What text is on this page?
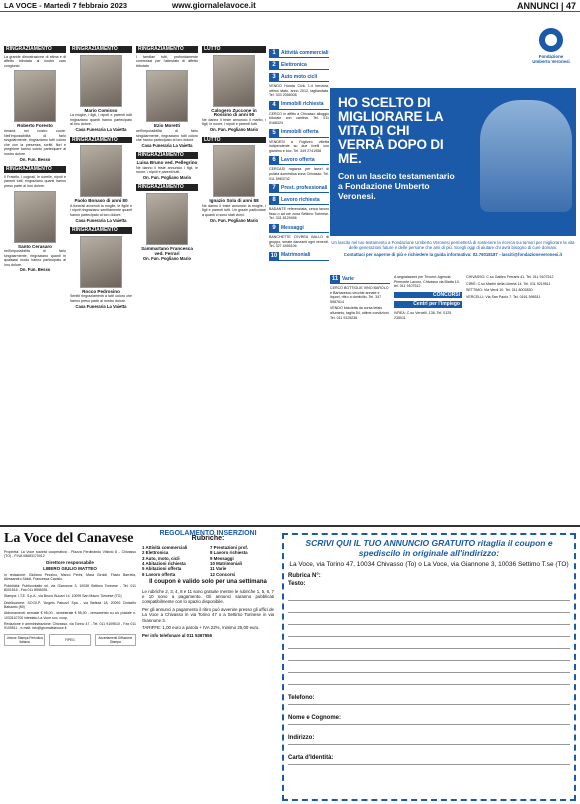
LA VOCE - Martedì 7 febbraio 2023	www.giornalelavoce.it	ANNUNCI | 47
RINGRAZIAMENTO

La grande dimostrazione di stima e di affetto tributata al nostro caro congiunto

Roberto Foresto

rimarrà nel nostro cuore. Nell'impossibilità di farlo singolarmente, ringraziamo tutti coloro che con la presenza, scritti, fiori e preghiere hanno voluto partecipare al nostro dolore.

On. Fun. Besso
RINGRAZIAMENTO

Il Fratello, i cognati, le sorelle, nipoti e parenti tutti, ringraziano quanti hanno preso parte al loro dolore.

Santo Cerasaro

nell'impossibilità di farlo singolarmente, ringraziano quanti in qualsiasi modo hanno partecipato al loro dolore.

On. Fun. Besso
RINGRAZIAMENTO
Mario Comisso

La moglie, i figli, i nipoti e parenti tutti ringraziano quanti hanno partecipato al loro dolore.

Casa Funeraria La Vaietta
RINGRAZIAMENTO
Paolo Bonaso di anni 80

A funerali avvenuti la moglie, le figlie e i nipoti ringraziano sentitamente quanti hanno partecipato al loro dolore.

Casa Funeraria La Vaietta
RINGRAZIAMENTO
Rocco Pedrosino

Sentiti ringraziamenti a tutti coloro che hanno preso parte al nostro dolore.

Casa Funeraria La Vaietta
RINGRAZIAMENTO

I familiari tutti, profondamente commossi per l'attestato di affetto tributato

Ezio Moretti

nell'impossibilità di farlo singolarmente, ringraziano tutti coloro che hanno partecipato al loro dolore.

Casa Funeraria La Vaietta
RINGRAZIAMENTO
Luisa Bruno ved. Pellegrino

Ne danno il triste annuncio i figli, le nuore, i nipoti e parenti tutti.

On. Fun. Pogliano Mario
RINGRAZIAMENTO
Sammartano Francesca ved. Ferrari
On. Fun. Pogliano Mario
LUTTO
Calogero Zuccone in Rossino di anni 90

Ne danno il triste annuncio il marito, i figli, le nuore, i nipoti e parenti tutti.

On. Fun. Pogliano Mario
LUTTO
Ignazio Sola di anni 88

Ne danno il triste annuncio la moglie, i figli e parenti tutti. Un grazie particolare a quanti ci sono stati vicini.

On. Fun. Pogliano Mario
1	Attività commerciali
2	Elettronica
3	Auto moto cicli

VENDO Honda Civic 1.4 benzina, ottimo stato, anno 2012, tagliandata. Tel. 333 2056008

4	Immobili richiesta

CERCO in affitto a Chivasso alloggio bilocale con cantina. Tel. 011 9168324

5	Immobili offerta

VENDESI a Foglizzo villetta indipendente su due livelli con giardino e box. Tel. 349 2741958

6	Lavoro offerta

CERCASI ragazza per lavori di pulizia domestica zona Chivasso. Tel. 011 5963742

7	Prest. professionali
8	Lavoro richiesta

BADANTE referenziata, cerca lavoro fisso o ad ore zona Settimo Torinese. Tel. 331 8129456

9	Messaggi

BANCHETTE D'IVREA BALLO di gruppo, serate danzanti ogni venerdì. Tel. 327 4455106

10 Matrimoniali
Fondazione Umberto Veronesi
HO SCELTO DI MIGLIORARE LA VITA DI CHI VERRÀ DOPO DI ME.
Con un lascito testamentario a Fondazione Umberto Veronesi.
Un lascito nel tuo testamento a Fondazione Umberto Veronesi permetterà di sostenere la ricerca sui tumori per migliorare la vita delle generazioni future e delle persone che ami di più. Scegli oggi di aiutare chi avrà bisogno di cure domani.
Contattaci per saperne di più e richiedere la guida informativa: 02.76018187 - lasciti@fondazioneveronesi.it
11 Varie

CERCO BOTTIGLIE VINO BAROLO e Barbaresco vecchie annate e liquori, ritiro a domicilio. Tel. 347 5987614

VENDO bicicletta da corsa telaio alluminio, taglia 54, ottime condizioni. Tel. 011 9125236

A segnalazioni per Tirocini: Agenzia Piemonte Lavoro, Chivasso via Blatta 10, tel. 011 9107512

CONCORSI
Centri per l'impiego

IVREA: C.so Vercelli, 138. Tel. 0125 235011

CHIVASSO: C.so Galileo Ferraris 41. Tel. 011 9107512

CIRIÈ: C.so Martiri della Libertà 14. Tel. 011 9219511

SETTIMO: Via Verdi 10. Tel. 011 8002830

VERCELLI: Via San Paolo 7. Tel. 0161 596511

La Voce del Canavese

Proprietà: La Voce società cooperativa - Piazza Ferdinando Vittorio 8 - Chivasso (TO) - P.IVA 08683170012

Direttore responsabile
LIBERO GIULIO MATTEO

In redazione: Giuliano Pezzino, Marco Perini, Mara Giroldi, Flavio Barrella, Alessandro Sidoli, Francesca Cavallo.

Pubblicità: Publicontatto srl, via Giannone 3, 10036 Settimo Torinese - Tel. 011 8001515 - Fax 011 8955051

Stampa: I.T.E. S.p.A., via Bruno Buozzi 14, 10099 San Mauro Torinese (TO)

Distribuzione: SO.DI.P. 'Angelo Patuzzi' Spa - via Bettola 18, 20092 Cinisello Balsamo (MI)

Abbonamenti: annuale € 95,00 - semestrale € 55,00 - versamento su c/c postale n. 1033110700 intestato La Voce soc. coop.

Redazione e amministrazione: Chivasso, via Torino 47 - Tel. 011 9109510 - Fax 011 9109511 - e-mail: info@giornalelavoce.it

Unione Stampa Periodica Italiana
FIPEG
Accertamenti Diffusione Stampa
REGOLAMENTO INSERZIONI
Rubriche:
1 Attività commerciali
2 Elettronica
3 Auto, moto, cicli
4 Abitazioni richiesta
5 Abitazioni offerta
6 Lavoro offerta
7 Prestazioni prof.
8 Lavoro richiesta
9 Messaggi
10 Matrimoniali
11 Varie
12 Concorsi
Il coupon è valido solo per una settimana

Le rubriche 2, 3, 4, 8 e 11 sono gratuite mentre le rubriche 1, 5, 6, 7 e 10 sono a pagamento. Gli annunci saranno pubblicati compatibilmente con lo spazio disponibile.

Per gli annunci a pagamento il ritiro può avvenire presso gli uffici de La Voce a Chivasso in via Torino 47 o a Settimo Torinese in via Giannone 3.

TARIFFE: 1,00 euro a parola + IVA 22%, minimo 25,00 euro.

Per info telefonare al 011 5367556

SCRIVI QUI IL TUO ANNUNCIO GRATUITO ritaglia il coupon e spediscilo in originale all'indirizzo:
La Voce, via Torino 47, 10034 Chivasso (To) o La Voce, via Giannone 3, 10036 Settimo T.se (TO)
Rubrica N°:
Testo:
Telefono:
Nome e Cognome:
Indirizzo:
Carta d'Identità:
